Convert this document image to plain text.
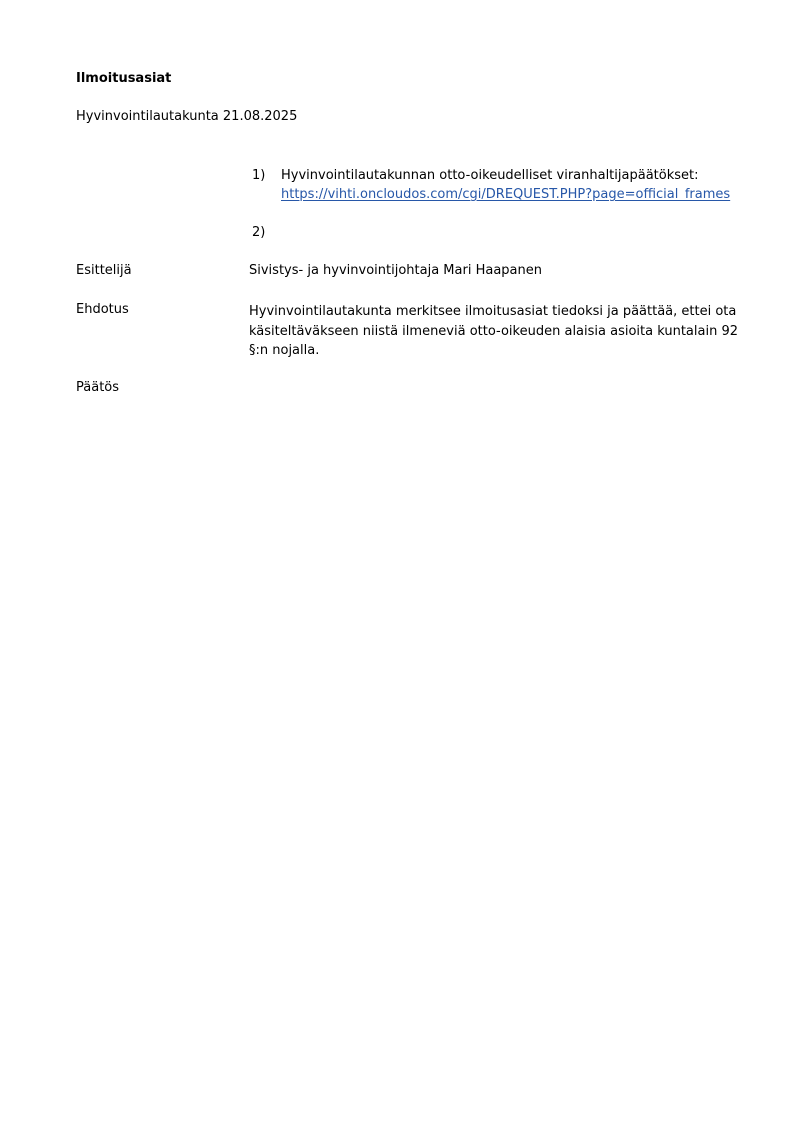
Ilmoitusasiat
Hyvinvointilautakunta 21.08.2025
1) Hyvinvointilautakunnan otto-oikeudelliset viranhaltijapäätökset:
https://vihti.oncloudos.com/cgi/DREQUEST.PHP?page=official_frames
2)
Esittelijä	Sivistys- ja hyvinvointijohtaja Mari Haapanen
Ehdotus	Hyvinvointilautakunta merkitsee ilmoitusasiat tiedoksi ja päättää, ettei ota
käsiteltäväkseen niistä ilmeneviä otto-oikeuden alaisia asioita kuntalain 92
§:n nojalla.
Päätös
